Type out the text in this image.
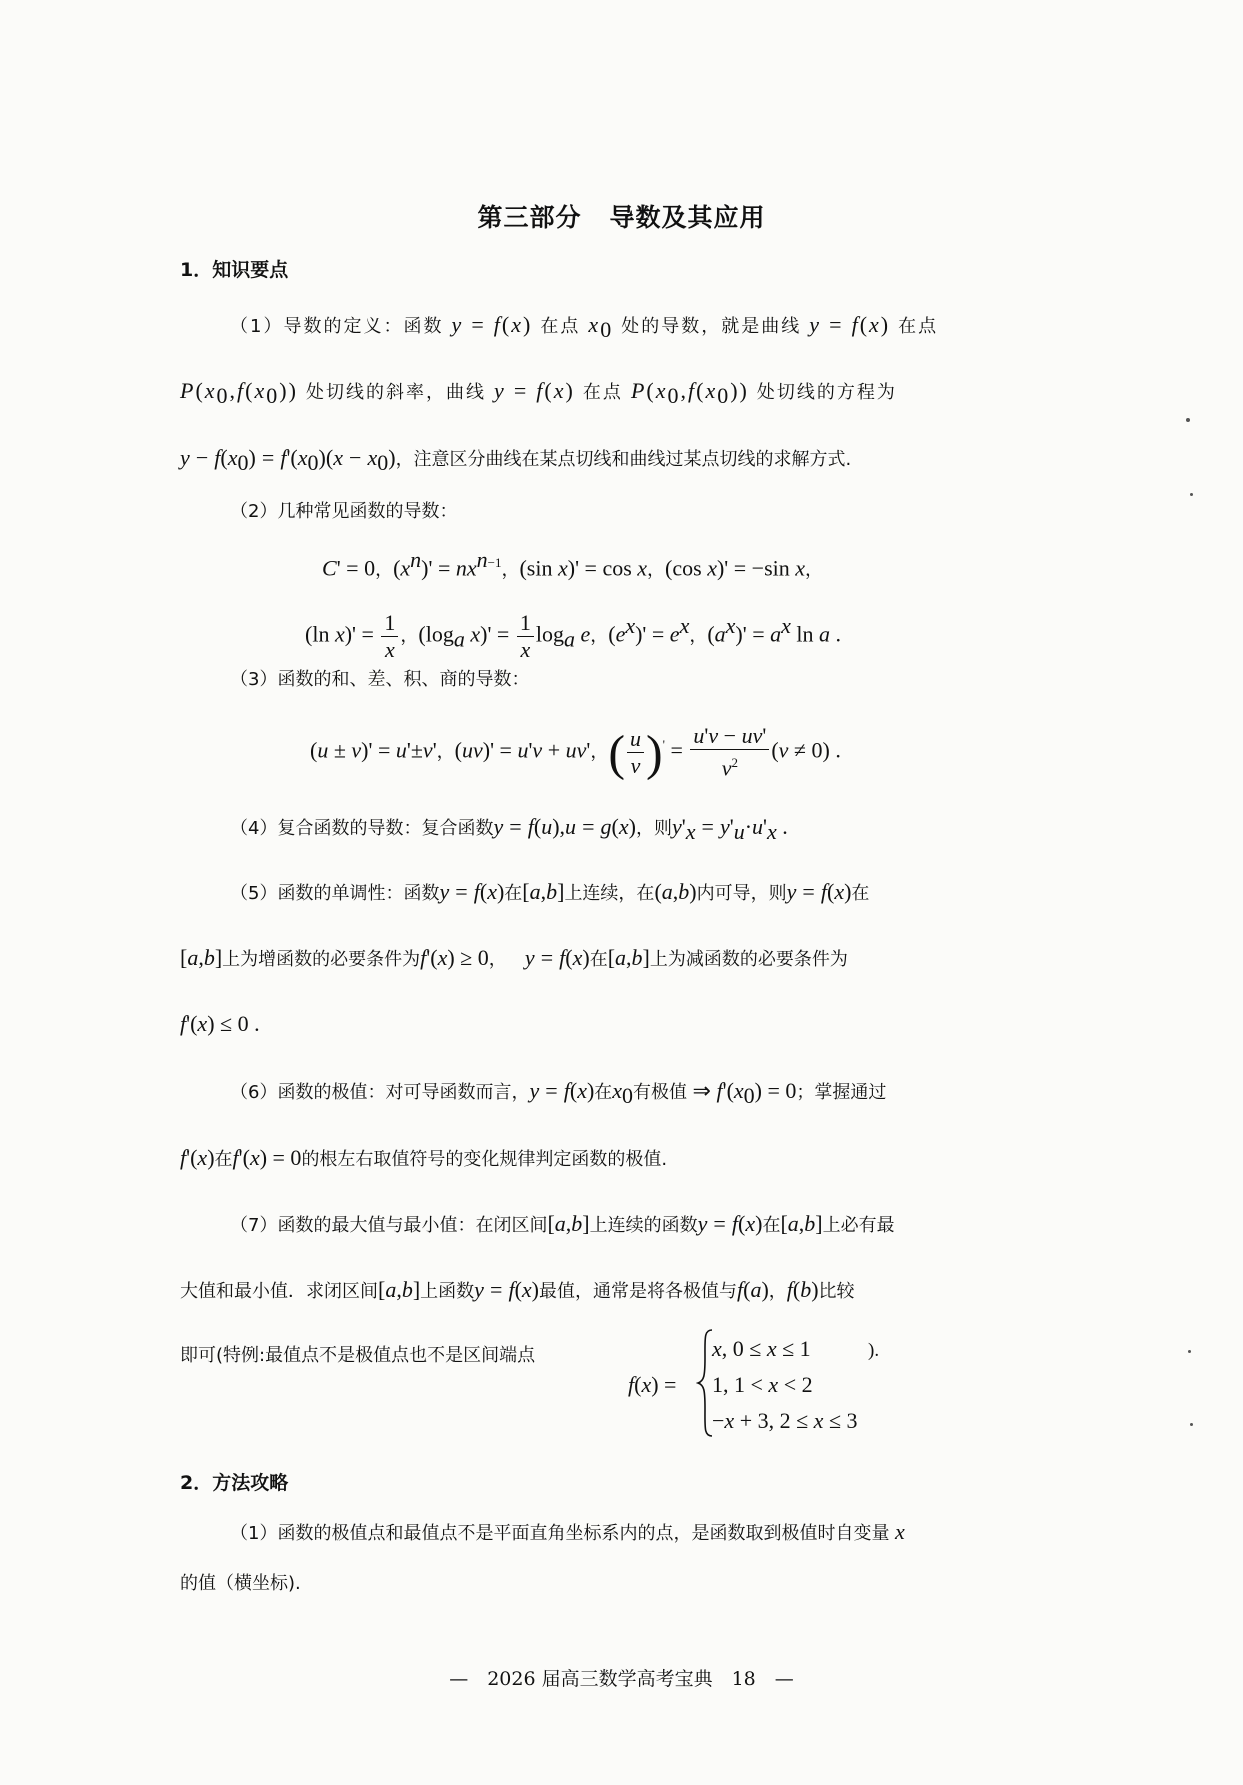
第三部分 导数及其应用
1．知识要点
（1）导数的定义：函数 y = f(x) 在点 $x_0$ 处的导数，就是曲线 y = f(x) 在点
$P(x_0,f(x_0))$ 处切线的斜率，曲线 y = f(x) 在点 $P(x_0,f(x_0))$ 处切线的方程为
$y - f(x_0) = f'(x_0)(x - x_0)$，注意区分曲线在某点切线和曲线过某点切线的求解方式.
（2）几种常见函数的导数：
C' = 0，$(x^n)' = nx^{n-1}$，(sin x)' = cos x，(cos x)' = −sin x，
(ln $x)' = \frac{1}{x}$ ，($\log_a$ $x)' = \frac{1}{x} \log_a e$，$(e^x)' = e^x$，$(a^x)' = a^x$ ln a .
（3）函数的和、差、积、商的导数：
(u ± v)' = u'±v'，(uv)' = u'v + uv'，( $\frac{u}{v} )' = \frac{u'v - uv'}{v^2} (v \ne 0)$ .
（4）复合函数的导数：复合函数y = f(u),u = g(x)，则$y'_x = y'_u\cdot u'_x$ .
（5）函数的单调性：函数y = f(x)在[a,b]上连续，在(a,b)内可导，则y = f(x)在
[a,b]上为增函数的必要条件为f'(x) ≥ 0， y = f(x)在[a,b]上为减函数的必要条件为
f'(x) ≤ 0 .
（6）函数的极值：对可导函数而言，y = f(x)在$x_0$有极值 ⇒ $f'(x_0) = 0$；掌握通过
f'(x)在f'(x) = 0的根左右取值符号的变化规律判定函数的极值.
（7）函数的最大值与最小值：在闭区间[a,b]上连续的函数y = f(x)在[a,b]上必有最
大值和最小值．求闭区间[a,b]上函数y = f(x)最值，通常是将各极值与f(a)，f(b)比较
即可(特例:最值点不是极值点也不是区间端点
f(x) =
x, 0 ≤ x ≤ 1
1, 1 < x < 2
−x + 3, 2 ≤ x ≤ 3
).
2．方法攻略
（1）函数的极值点和最值点不是平面直角坐标系内的点，是函数取到极值时自变量 x
的值（横坐标).
—　2026 届高三数学高考宝典　18　—
